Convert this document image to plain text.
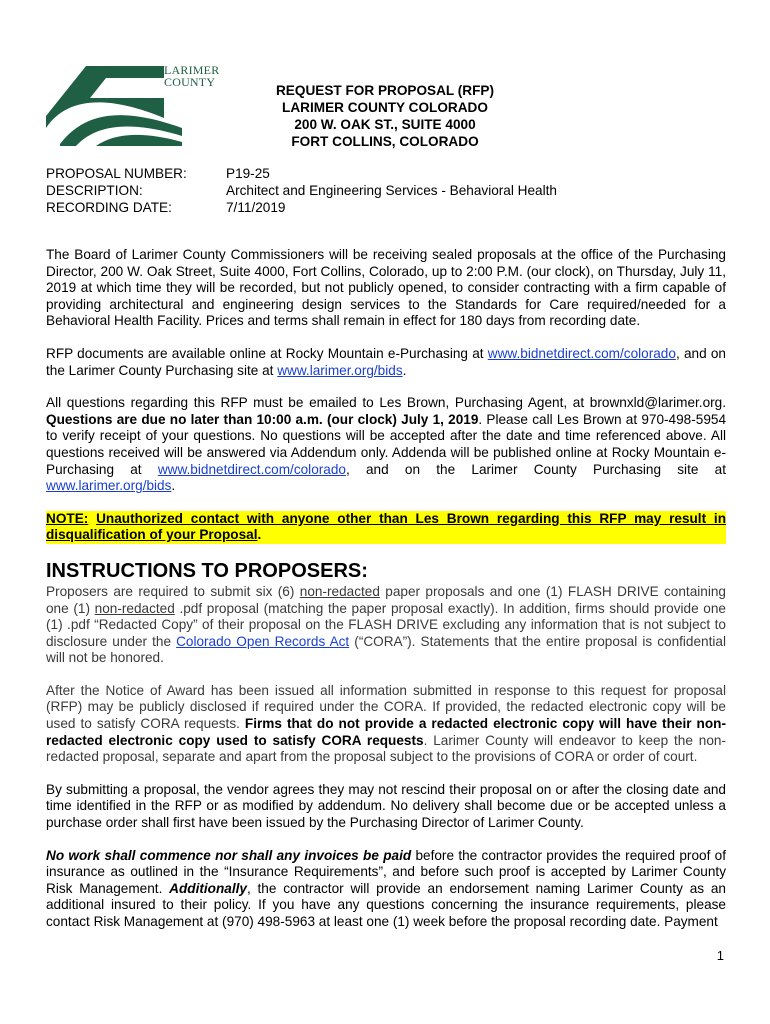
LARIMER
COUNTY
REQUEST FOR PROPOSAL (RFP)
LARIMER COUNTY COLORADO
200 W. OAK ST., SUITE 4000
FORT COLLINS, COLORADO
PROPOSAL NUMBER:	P19-25
DESCRIPTION:	Architect and Engineering Services - Behavioral Health
RECORDING DATE:	7/11/2019

The Board of Larimer County Commissioners will be receiving sealed proposals at the office of the Purchasing Director, 200 W. Oak Street, Suite 4000, Fort Collins, Colorado, up to 2:00 P.M. (our clock), on Thursday, July 11, 2019 at which time they will be recorded, but not publicly opened, to consider contracting with a firm capable of providing architectural and engineering design services to the Standards for Care required/needed for a Behavioral Health Facility. Prices and terms shall remain in effect for 180 days from recording date.

RFP documents are available online at Rocky Mountain e-Purchasing at www.bidnetdirect.com/colorado, and on the Larimer County Purchasing site at www.larimer.org/bids.

All questions regarding this RFP must be emailed to Les Brown, Purchasing Agent, at brownxld@larimer.org. Questions are due no later than 10:00 a.m. (our clock) July 1, 2019. Please call Les Brown at 970-498-5954 to verify receipt of your questions. No questions will be accepted after the date and time referenced above. All questions received will be answered via Addendum only. Addenda will be published online at Rocky Mountain e-Purchasing at www.bidnetdirect.com/colorado, and on the Larimer County Purchasing site at www.larimer.org/bids.

NOTE: Unauthorized contact with anyone other than Les Brown regarding this RFP may result in disqualification of your Proposal.

INSTRUCTIONS TO PROPOSERS:

Proposers are required to submit six (6) non-redacted paper proposals and one (1) FLASH DRIVE containing one (1) non-redacted .pdf proposal (matching the paper proposal exactly). In addition, firms should provide one (1) .pdf “Redacted Copy” of their proposal on the FLASH DRIVE excluding any information that is not subject to disclosure under the Colorado Open Records Act (“CORA”). Statements that the entire proposal is confidential will not be honored.

After the Notice of Award has been issued all information submitted in response to this request for proposal (RFP) may be publicly disclosed if required under the CORA. If provided, the redacted electronic copy will be used to satisfy CORA requests. Firms that do not provide a redacted electronic copy will have their non-redacted electronic copy used to satisfy CORA requests. Larimer County will endeavor to keep the non-redacted proposal, separate and apart from the proposal subject to the provisions of CORA or order of court.

By submitting a proposal, the vendor agrees they may not rescind their proposal on or after the closing date and time identified in the RFP or as modified by addendum. No delivery shall become due or be accepted unless a purchase order shall first have been issued by the Purchasing Director of Larimer County.

No work shall commence nor shall any invoices be paid before the contractor provides the required proof of insurance as outlined in the “Insurance Requirements”, and before such proof is accepted by Larimer County Risk Management. Additionally, the contractor will provide an endorsement naming Larimer County as an additional insured to their policy. If you have any questions concerning the insurance requirements, please contact Risk Management at (970) 498-5963 at least one (1) week before the proposal recording date. Payment

1
